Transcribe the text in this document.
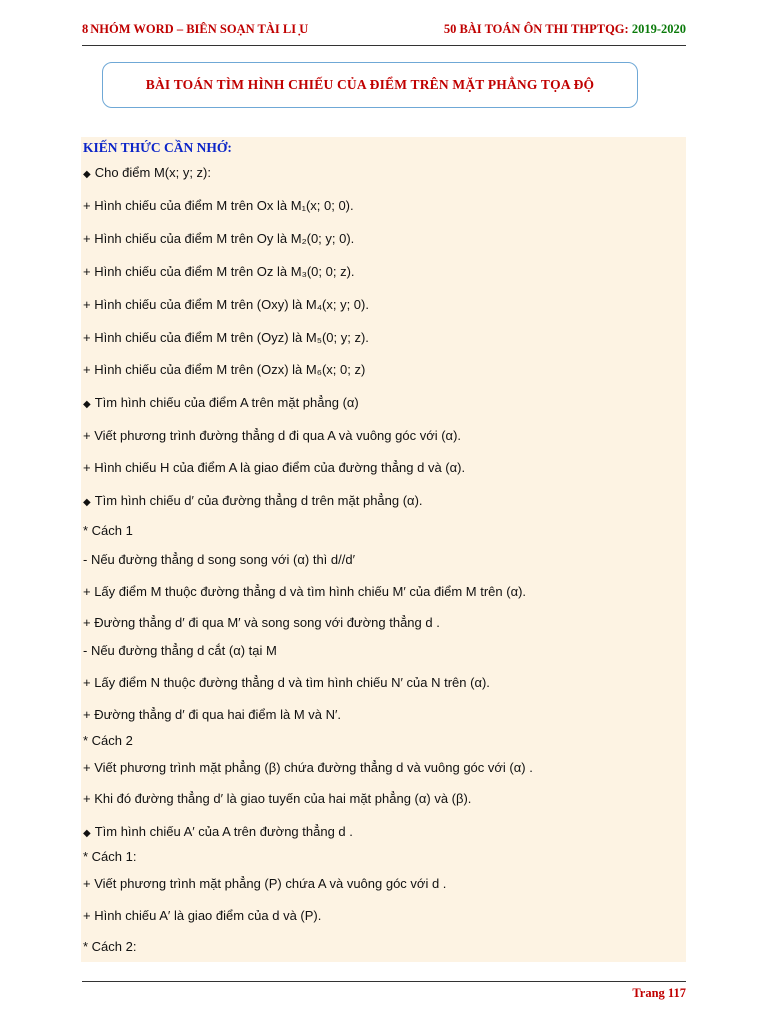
8 NHÓM WORD – BIÊN SOẠN TÀI LI ̣U	50 BÀI TOÁN ÔN THI THPTQG: 2019-2020
BÀI TOÁN TÌM HÌNH CHIẾU CỦA ĐIỂM TRÊN MẶT PHẲNG TỌA ĐỘ
KIẾN THỨC CẦN NHỚ:
◆ Cho điểm M(x; y; z):
+ Hình chiếu của điểm M trên Ox là M₁(x; 0; 0).
+ Hình chiếu của điểm M trên Oy là M₂(0; y; 0).
+ Hình chiếu của điểm M trên Oz là M₃(0; 0; z).
+ Hình chiếu của điểm M trên (Oxy) là M₄(x; y; 0).
+ Hình chiếu của điểm M trên (Oyz) là M₅(0; y; z).
+ Hình chiếu của điểm M trên (Ozx) là M₆(x; 0; z)
◆ Tìm hình chiếu của điểm A trên mặt phẳng (α)
+ Viết phương trình đường thẳng d đi qua A và vuông góc với (α).
+ Hình chiếu H của điểm A là giao điểm của đường thẳng d và (α).
◆ Tìm hình chiếu d′ của đường thẳng d trên mặt phẳng (α).
* Cách 1
- Nếu đường thẳng d song song với (α) thì d//d′
+ Lấy điểm M thuộc đường thẳng d và tìm hình chiếu M′ của điểm M trên (α).
+ Đường thẳng d′ đi qua M′ và song song với đường thẳng d .
- Nếu đường thẳng d cắt (α) tại M
+ Lấy điểm N thuộc đường thẳng d và tìm hình chiếu N′ của N trên (α).
+ Đường thẳng d′ đi qua hai điểm là M và N′.
* Cách 2
+ Viết phương trình mặt phẳng (β) chứa đường thẳng d và vuông góc với (α) .
+ Khi đó đường thẳng d′ là giao tuyến của hai mặt phẳng (α) và (β).
◆ Tìm hình chiếu A′ của A trên đường thẳng d .
* Cách 1:
+ Viết phương trình mặt phẳng (P) chứa A và vuông góc với d .
+ Hình chiếu A′ là giao điểm của d và (P).
* Cách 2:
Trang 117
